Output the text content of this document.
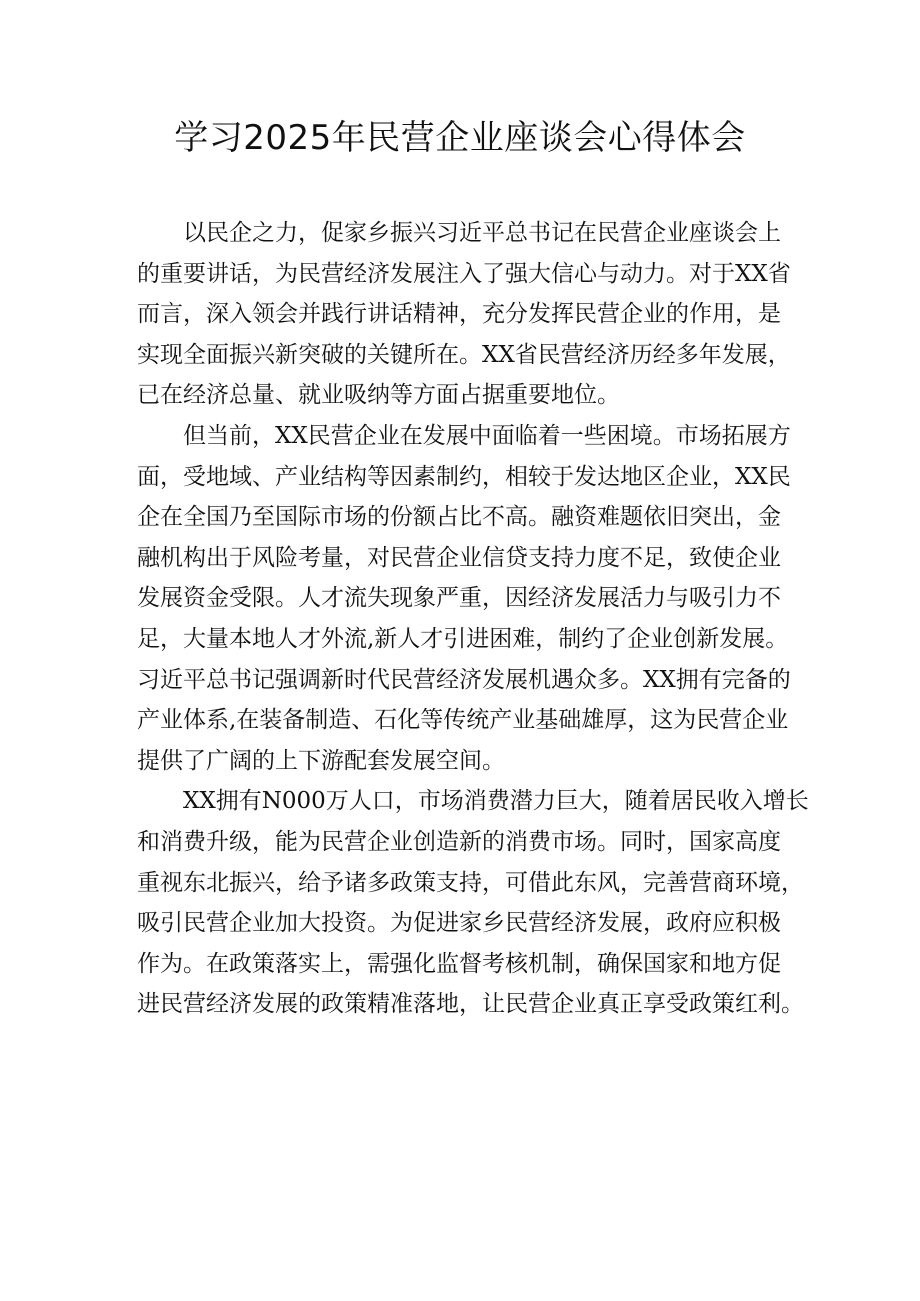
学习2025年民营企业座谈会心得体会
以民企之力，促家乡振兴习近平总书记在民营企业座谈会上
的重要讲话，为民营经济发展注入了强大信心与动力。对于XX省
而言，深入领会并践行讲话精神，充分发挥民营企业的作用，是
实现全面振兴新突破的关键所在。XX省民营经济历经多年发展，
已在经济总量、就业吸纳等方面占据重要地位。
但当前，XX民营企业在发展中面临着一些困境。市场拓展方
面，受地域、产业结构等因素制约，相较于发达地区企业，XX民
企在全国乃至国际市场的份额占比不高。融资难题依旧突出，金
融机构出于风险考量，对民营企业信贷支持力度不足，致使企业
发展资金受限。人才流失现象严重，因经济发展活力与吸引力不
足，大量本地人才外流,新人才引进困难，制约了企业创新发展。
习近平总书记强调新时代民营经济发展机遇众多。XX拥有完备的
产业体系,在装备制造、石化等传统产业基础雄厚，这为民营企业
提供了广阔的上下游配套发展空间。
XX拥有N000万人口，市场消费潜力巨大，随着居民收入增长
和消费升级，能为民营企业创造新的消费市场。同时，国家高度
重视东北振兴，给予诸多政策支持，可借此东风，完善营商环境，
吸引民营企业加大投资。为促进家乡民营经济发展，政府应积极
作为。在政策落实上，需强化监督考核机制，确保国家和地方促
进民营经济发展的政策精准落地，让民营企业真正享受政策红利。
